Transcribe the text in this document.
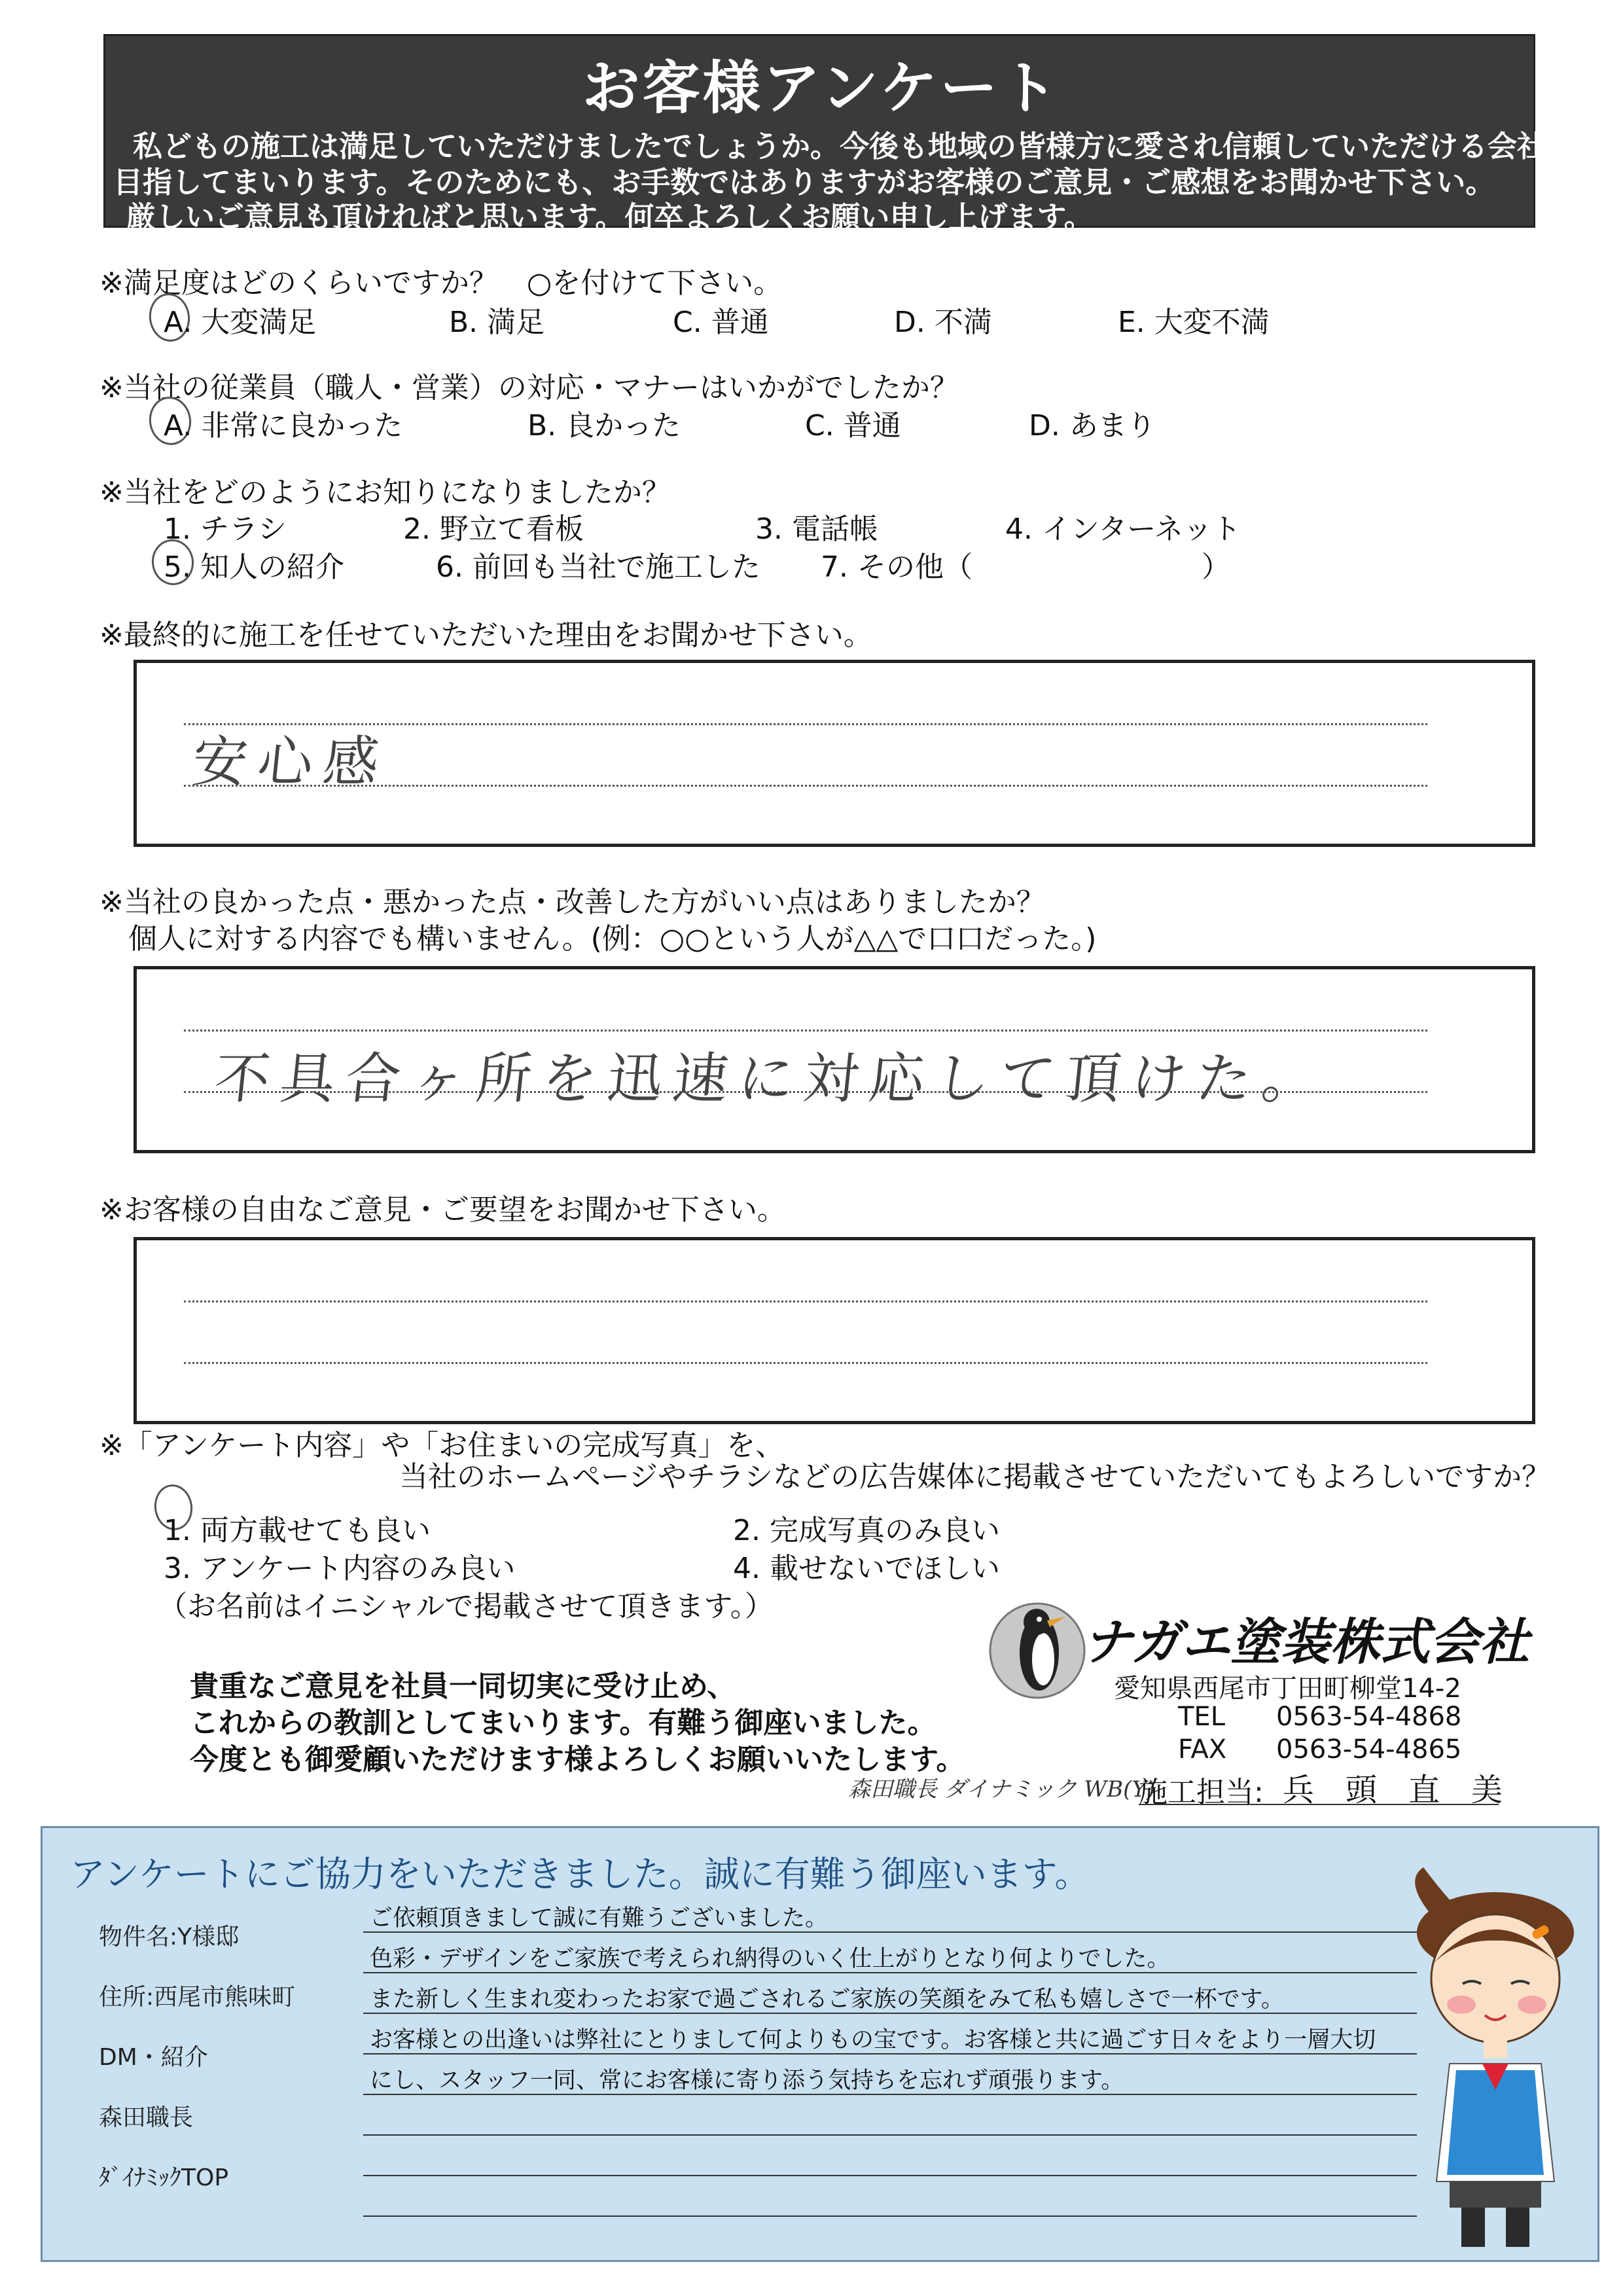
お客様アンケート
私どもの施工は満足していただけましたでしょうか。今後も地域の皆様方に愛され信頼していただける会社を
目指してまいります。そのためにも、お手数ではありますがお客様のご意見・ご感想をお聞かせ下さい。
厳しいご意見も頂ければと思います。何卒よろしくお願い申し上げます。
※満足度はどのくらいですか？　○を付けて下さい。
A. 大変満足	B. 満足	C. 普通	D. 不満	E. 大変不満
※当社の従業員（職人・営業）の対応・マナーはいかがでしたか？
A. 非常に良かった	B. 良かった	C. 普通	D. あまり
※当社をどのようにお知りになりましたか？
1. チラシ	2. 野立て看板	3. 電話帳	4. インターネット
5. 知人の紹介	6. 前回も当社で施工した 7. その他（	）
※最終的に施工を任せていただいた理由をお聞かせ下さい。
安心感
※当社の良かった点・悪かった点・改善した方がいい点はありましたか？
個人に対する内容でも構いません。(例：○○という人が△△で口口だった。)
不具合ヶ所を迅速に対応して頂けた。
※お客様の自由なご意見・ご要望をお聞かせ下さい。
※「アンケート内容」や「お住まいの完成写真」を、
当社のホームページやチラシなどの広告媒体に掲載させていただいてもよろしいですか？
1. 両方載せても良い	2. 完成写真のみ良い
3. アンケート内容のみ良い	4. 載せないでほしい
（お名前はイニシャルで掲載させて頂きます。）
貴重なご意見を社員一同切実に受け止め、
これからの教訓としてまいります。有難う御座いました。
今度とも御愛顧いただけます様よろしくお願いいたします。
ナガエ塗装株式会社
愛知県西尾市丁田町柳堂14-2
TEL 0563-54-4868
FAX 0563-54-4865
森田職長 ダイナミック WB(Y)
施工担当: 兵　頭　直　美
アンケートにご協力をいただきました。誠に有難う御座います。
物件名:Y様邸
住所:西尾市熊味町
DM・紹介
森田職長
ﾀﾞｲﾅﾐｯｸTOP
ご依頼頂きまして誠に有難うございました。
色彩・デザインをご家族で考えられ納得のいく仕上がりとなり何よりでした。
また新しく生まれ変わったお家で過ごされるご家族の笑顔をみて私も嬉しさで一杯です。
お客様との出逢いは弊社にとりまして何よりもの宝です。お客様と共に過ごす日々をより一層大切
にし、スタッフ一同、常にお客様に寄り添う気持ちを忘れず頑張ります。
